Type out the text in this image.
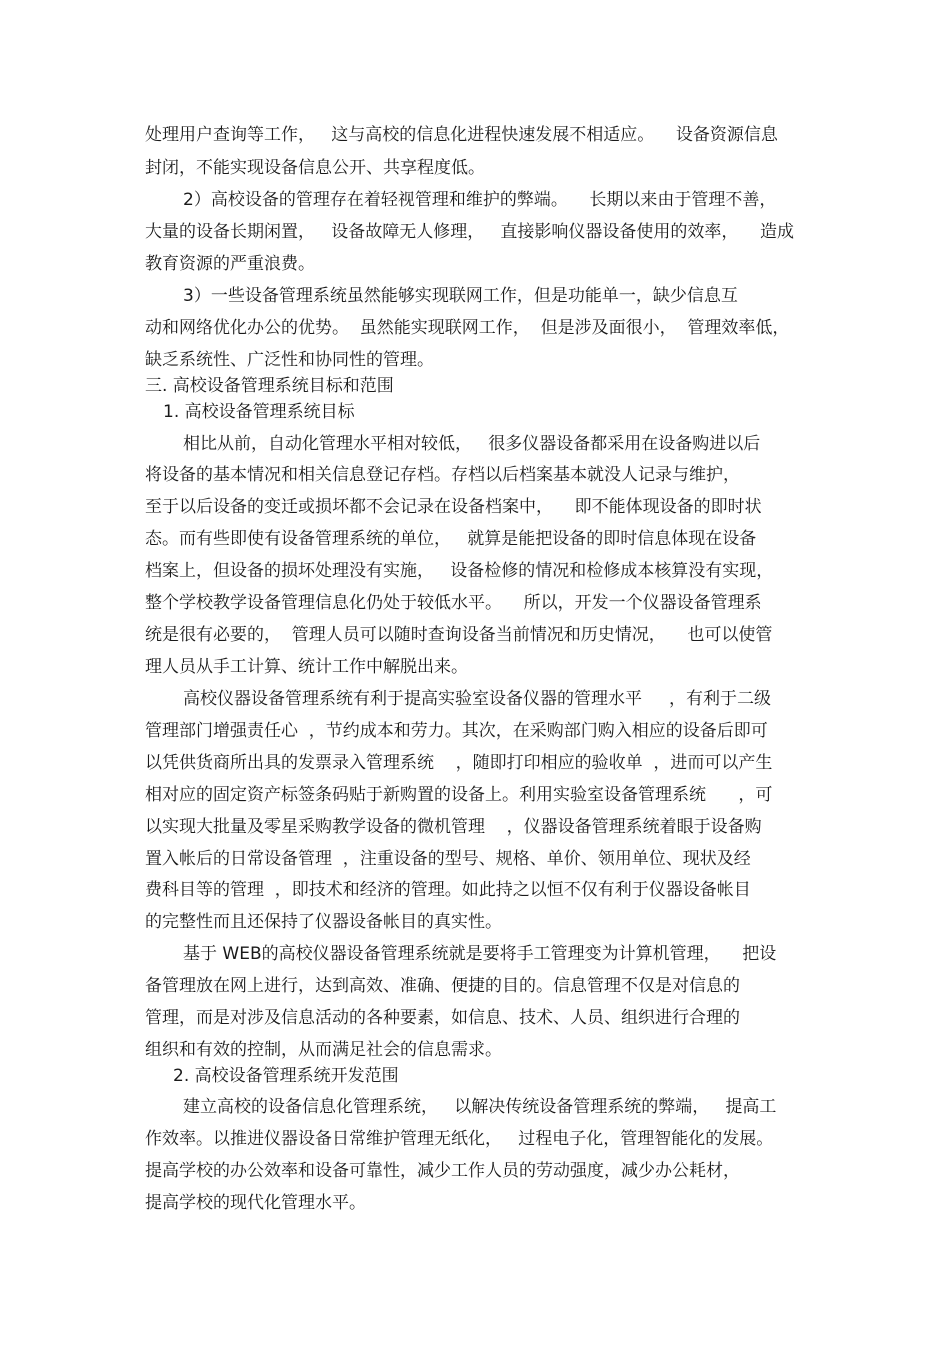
处理用户查询等工作，   这与高校的信息化进程快速发展不相适应。    设备资源信息
封闭，不能实现设备信息公开、共享程度低。
2）高校设备的管理存在着轻视管理和维护的弊端。    长期以来由于管理不善，
大量的设备长期闲置，   设备故障无人修理，   直接影响仪器设备使用的效率，    造成
教育资源的严重浪费。
3）一些设备管理系统虽然能够实现联网工作，但是功能单一，缺少信息互
动和网络优化办公的优势。  虽然能实现联网工作，  但是涉及面很小，  管理效率低，
缺乏系统性、广泛性和协同性的管理。
三. 高校设备管理系统目标和范围
1. 高校设备管理系统目标
相比从前，自动化管理水平相对较低，   很多仪器设备都采用在设备购进以后
将设备的基本情况和相关信息登记存档。存档以后档案基本就没人记录与维护，
至于以后设备的变迁或损坏都不会记录在设备档案中，    即不能体现设备的即时状
态。而有些即使有设备管理系统的单位，   就算是能把设备的即时信息体现在设备
档案上，但设备的损坏处理没有实施，   设备检修的情况和检修成本核算没有实现，
整个学校教学设备管理信息化仍处于较低水平。    所以，开发一个仪器设备管理系
统是很有必要的，  管理人员可以随时查询设备当前情况和历史情况，    也可以使管
理人员从手工计算、统计工作中解脱出来。
高校仪器设备管理系统有利于提高实验室设备仪器的管理水平     ，有利于二级
管理部门增强责任心  ，节约成本和劳力。其次，在采购部门购入相应的设备后即可
以凭供货商所出具的发票录入管理系统    ，随即打印相应的验收单  ，进而可以产生
相对应的固定资产标签条码贴于新购置的设备上。利用实验室设备管理系统      ，可
以实现大批量及零星采购教学设备的微机管理    ，仪器设备管理系统着眼于设备购
置入帐后的日常设备管理  ，注重设备的型号、规格、单价、领用单位、现状及经
费科目等的管理  ，即技术和经济的管理。如此持之以恒不仅有利于仪器设备帐目
的完整性而且还保持了仪器设备帐目的真实性。
基于 WEB的高校仪器设备管理系统就是要将手工管理变为计算机管理，    把设
备管理放在网上进行，达到高效、准确、便捷的目的。信息管理不仅是对信息的
管理，而是对涉及信息活动的各种要素，如信息、技术、人员、组织进行合理的
组织和有效的控制，从而满足社会的信息需求。
2. 高校设备管理系统开发范围
建立高校的设备信息化管理系统，   以解决传统设备管理系统的弊端，   提高工
作效率。以推进仪器设备日常维护管理无纸化，   过程电子化，管理智能化的发展。
提高学校的办公效率和设备可靠性，减少工作人员的劳动强度，减少办公耗材，
提高学校的现代化管理水平。
